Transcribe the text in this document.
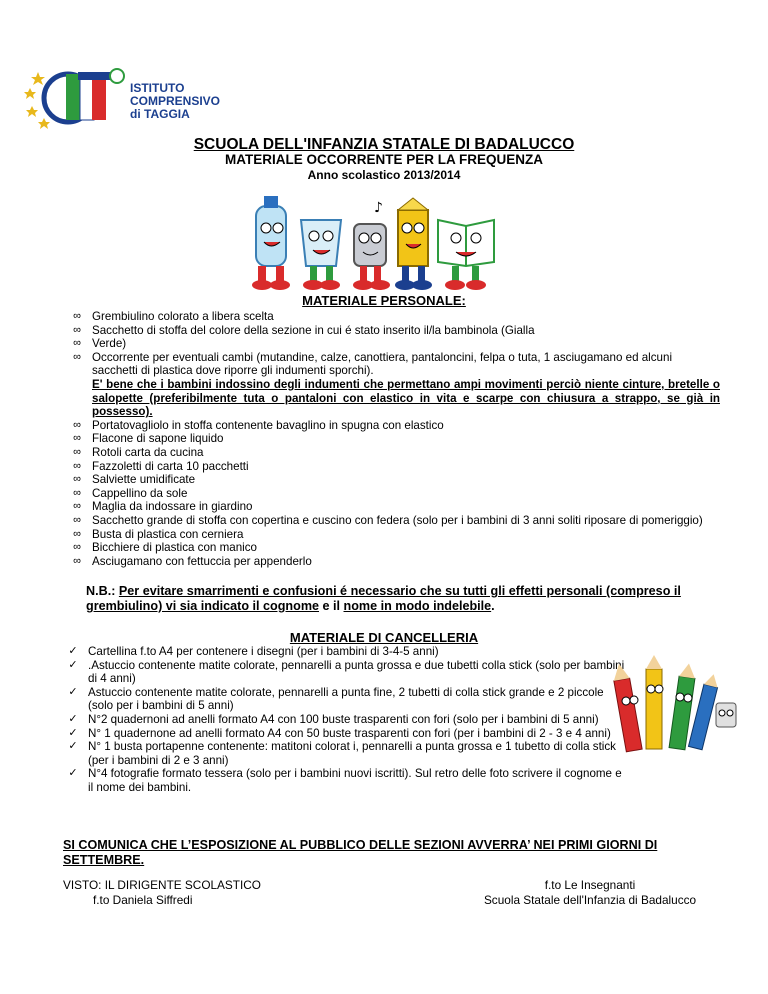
ISTITUTO
COMPRENSIVO
di TAGGIA
SCUOLA DELL'INFANZIA STATALE DI BADALUCCO
MATERIALE OCCORRENTE PER LA FREQUENZA
Anno scolastico 2013/2014
♪
MATERIALE PERSONALE:
∞ Grembiulino colorato a libera scelta
∞ Sacchetto di stoffa del colore della sezione in cui é stato inserito il/la bambinola (Gialla
∞ Verde)
∞ Occorrente per eventuali cambi (mutandine, calze, canottiera, pantaloncini, felpa o tuta, 1 asciugamano ed alcuni sacchetti di plastica dove riporre gli indumenti sporchi).
E' bene che i bambini indossino degli indumenti che permettano ampi movimenti perciò niente cinture, bretelle o salopette (preferibilmente tuta o pantaloni con elastico in vita e scarpe con chiusura a strappo, se già in possesso).
∞ Portatovagliolo in stoffa contenente bavaglino in spugna con elastico
∞ Flacone di sapone liquido
∞ Rotoli carta da cucina
∞ Fazzoletti di carta 10 pacchetti
∞ Salviette umidificate
∞ Cappellino da sole
∞ Maglia da indossare in giardino
∞ Sacchetto grande di stoffa con copertina e cuscino con federa (solo per i bambini di 3 anni soliti riposare di pomeriggio)
∞ Busta di plastica con cerniera
∞ Bicchiere di plastica con manico
∞ Asciugamano con fettuccia per appenderlo
N.B.: Per evitare smarrimenti e confusioni é necessario che su tutti gli effetti personali (compreso il grembiulino) vi sia indicato il cognome e il nome in modo indelebile.
MATERIALE DI CANCELLERIA
✓ Cartellina f.to A4 per contenere i disegni (per i bambini di 3-4-5 anni)
✓ .Astuccio contenente matite colorate, pennarelli a punta grossa e due tubetti colla stick (solo per bambini di 4 anni)
✓ Astuccio contenente matite colorate, pennarelli a punta fine, 2 tubetti di colla stick grande e 2 piccole (solo per i bambini di 5 anni)
✓ N°2 quadernoni ad anelli formato A4 con 100 buste trasparenti con fori (solo per i bambini di 5 anni)
✓ N° 1 quadernone ad anelli formato A4 con 50 buste trasparenti con fori (per i bambini di 2 - 3 e 4 anni)
✓ N° 1 busta portapenne contenente: matitoni colorat i, pennarelli a punta grossa e 1 tubetto di colla stick (per i bambini di 2 e 3 anni)
✓ N°4 fotografie formato tessera (solo per i bambini nuovi iscritti). Sul retro delle foto scrivere il cognome e il nome dei bambini.
SI COMUNICA CHE L’ESPOSIZIONE AL PUBBLICO DELLE SEZIONI AVVERRA’ NEI PRIMI GIORNI DI SETTEMBRE.
VISTO: IL DIRIGENTE SCOLASTICO
f.to Daniela Siffredi
f.to Le Insegnanti
Scuola Statale dell'Infanzia di Badalucco
